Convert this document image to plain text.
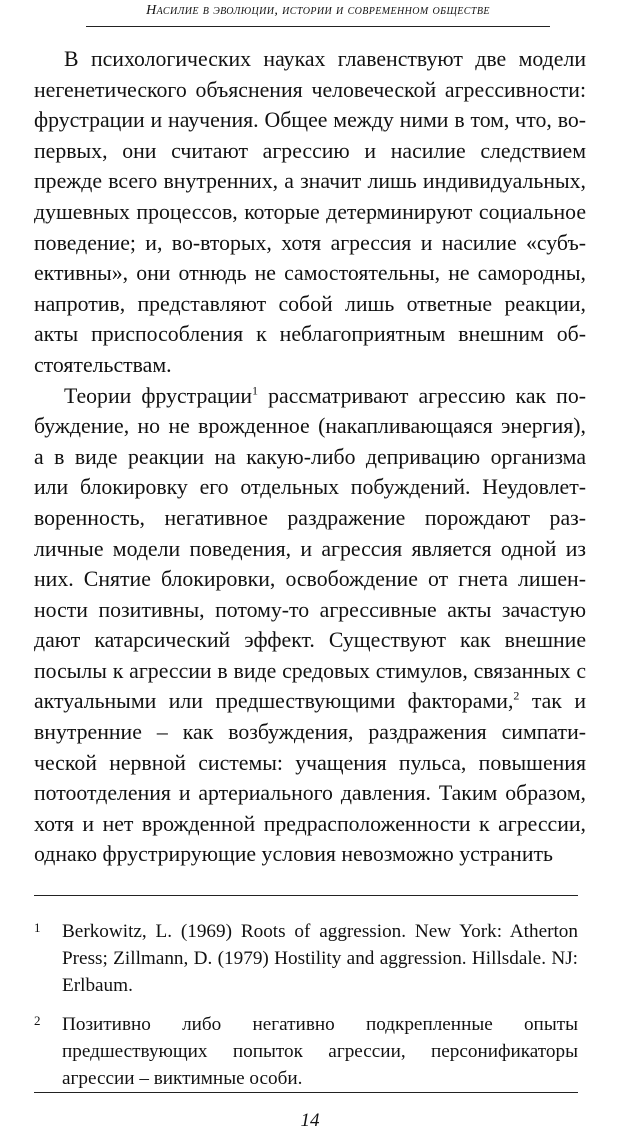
Насилие в эволюции, истории и современном обществе

В психологических науках главенствуют две модели негенетического объяснения человеческой агрессивности: фрустрации и научения. Общее между ними в том, что, во-первых, они считают агрессию и насилие следствием прежде всего внутренних, а значит лишь индивидуальных, душевных процессов, которые детерминируют социальное поведение; и, во-вторых, хотя агрессия и насилие «субъективны», они отнюдь не самостоятельны, не самородны, напротив, представляют собой лишь ответные реакции, акты приспособления к неблагоприятным внешним обстоятельствам.

Теории фрустрации$^1$ рассматривают агрессию как побуждение, но не врожденное (накапливающаяся энергия), а в виде реакции на какую-либо депривацию организма или блокировку его отдельных побуждений. Неудовлетворенность, негативное раздражение порождают различные модели поведения, и агрессия является одной из них. Снятие блокировки, освобождение от гнета лишенности позитивны, потому-то агрессивные акты зачастую дают катарсический эффект. Существуют как внешние посылы к агрессии в виде средовых стимулов, связанных с актуальными или предшествующими факторами,$^2$ так и внутренние – как возбуждения, раздражения симпатической нервной системы: учащения пульса, повышения потоотделения и артериального давления. Таким образом, хотя и нет врожденной предрасположенности к агрессии, однако фрустрирующие условия невозможно устранить

1 Berkowitz, L. (1969) Roots of aggression. New York: Atherton Press; Zillmann, D. (1979) Hostility and aggression. Hillsdale. NJ: Erlbaum.
2 Позитивно либо негативно подкрепленные опыты предшествующих попыток агрессии, персонификаторы агрессии – виктимные особи.
14
